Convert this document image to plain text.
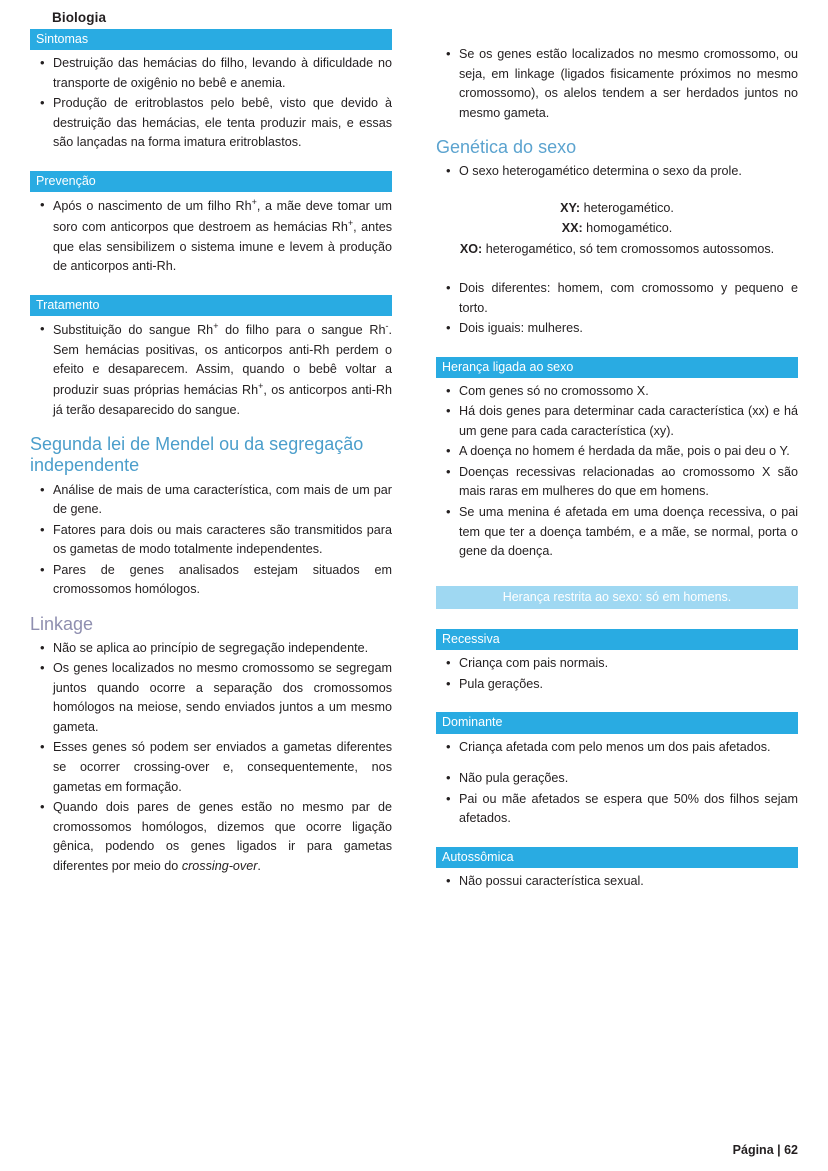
Biologia
Sintomas
• Destruição das hemácias do filho, levando à dificuldade no transporte de oxigênio no bebê e anemia.
• Produção de eritroblastos pelo bebê, visto que devido à destruição das hemácias, ele tenta produzir mais, e essas são lançadas na forma imatura eritroblastos.
Prevenção
• Após o nascimento de um filho Rh+, a mãe deve tomar um soro com anticorpos que destroem as hemácias Rh+, antes que elas sensibilizem o sistema imune e levem à produção de anticorpos anti-Rh.
Tratamento
• Substituição do sangue Rh+ do filho para o sangue Rh-. Sem hemácias positivas, os anticorpos anti-Rh perdem o efeito e desaparecem. Assim, quando o bebê voltar a produzir suas próprias hemácias Rh+, os anticorpos anti-Rh já terão desaparecido do sangue.
Segunda lei de Mendel ou da segregação independente
• Análise de mais de uma característica, com mais de um par de gene.
• Fatores para dois ou mais caracteres são transmitidos para os gametas de modo totalmente independentes.
• Pares de genes analisados estejam situados em cromossomos homólogos.
Linkage
• Não se aplica ao princípio de segregação independente.
• Os genes localizados no mesmo cromossomo se segregam juntos quando ocorre a separação dos cromossomos homólogos na meiose, sendo enviados juntos a um mesmo gameta.
• Esses genes só podem ser enviados a gametas diferentes se ocorrer crossing-over e, consequentemente, nos gametas em formação.
• Quando dois pares de genes estão no mesmo par de cromossomos homólogos, dizemos que ocorre ligação gênica, podendo os genes ligados ir para gametas diferentes por meio do crossing-over.
• Se os genes estão localizados no mesmo cromossomo, ou seja, em linkage (ligados fisicamente próximos no mesmo cromossomo), os alelos tendem a ser herdados juntos no mesmo gameta.
Genética do sexo
• O sexo heterogamético determina o sexo da prole.
XY: heterogamético.
XX: homogamético.
XO: heterogamético, só tem cromossomos autossomos.
• Dois diferentes: homem, com cromossomo y pequeno e torto.
• Dois iguais: mulheres.
Herança ligada ao sexo
• Com genes só no cromossomo X.
• Há dois genes para determinar cada característica (xx) e há um gene para cada característica (xy).
• A doença no homem é herdada da mãe, pois o pai deu o Y.
• Doenças recessivas relacionadas ao cromossomo X são mais raras em mulheres do que em homens.
• Se uma menina é afetada em uma doença recessiva, o pai tem que ter a doença também, e a mãe, se normal, porta o gene da doença.
Herança restrita ao sexo: só em homens.
Recessiva
• Criança com pais normais.
• Pula gerações.
Dominante
• Criança afetada com pelo menos um dos pais afetados.
• Não pula gerações.
• Pai ou mãe afetados se espera que 50% dos filhos sejam afetados.
Autossômica
• Não possui característica sexual.
Página | 62
